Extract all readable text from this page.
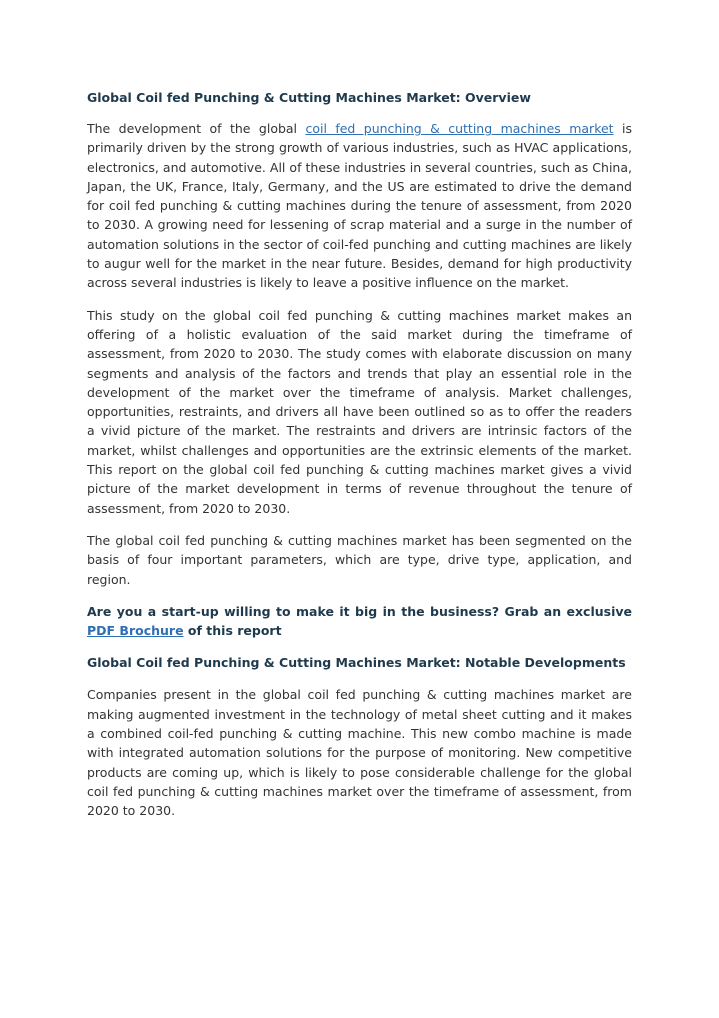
Global Coil fed Punching & Cutting Machines Market: Overview

The development of the global coil fed punching & cutting machines market is primarily driven by the strong growth of various industries, such as HVAC applications, electronics, and automotive. All of these industries in several countries, such as China, Japan, the UK, France, Italy, Germany, and the US are estimated to drive the demand for coil fed punching & cutting machines during the tenure of assessment, from 2020 to 2030. A growing need for lessening of scrap material and a surge in the number of automation solutions in the sector of coil-fed punching and cutting machines are likely to augur well for the market in the near future. Besides, demand for high productivity across several industries is likely to leave a positive influence on the market.

This study on the global coil fed punching & cutting machines market makes an offering of a holistic evaluation of the said market during the timeframe of assessment, from 2020 to 2030. The study comes with elaborate discussion on many segments and analysis of the factors and trends that play an essential role in the development of the market over the timeframe of analysis. Market challenges, opportunities, restraints, and drivers all have been outlined so as to offer the readers a vivid picture of the market. The restraints and drivers are intrinsic factors of the market, whilst challenges and opportunities are the extrinsic elements of the market. This report on the global coil fed punching & cutting machines market gives a vivid picture of the market development in terms of revenue throughout the tenure of assessment, from 2020 to 2030.

The global coil fed punching & cutting machines market has been segmented on the basis of four important parameters, which are type, drive type, application, and region.

Are you a start-up willing to make it big in the business? Grab an exclusive PDF Brochure of this report

Global Coil fed Punching & Cutting Machines Market: Notable Developments

Companies present in the global coil fed punching & cutting machines market are making augmented investment in the technology of metal sheet cutting and it makes a combined coil-fed punching & cutting machine. This new combo machine is made with integrated automation solutions for the purpose of monitoring. New competitive products are coming up, which is likely to pose considerable challenge for the global coil fed punching & cutting machines market over the timeframe of assessment, from 2020 to 2030.
